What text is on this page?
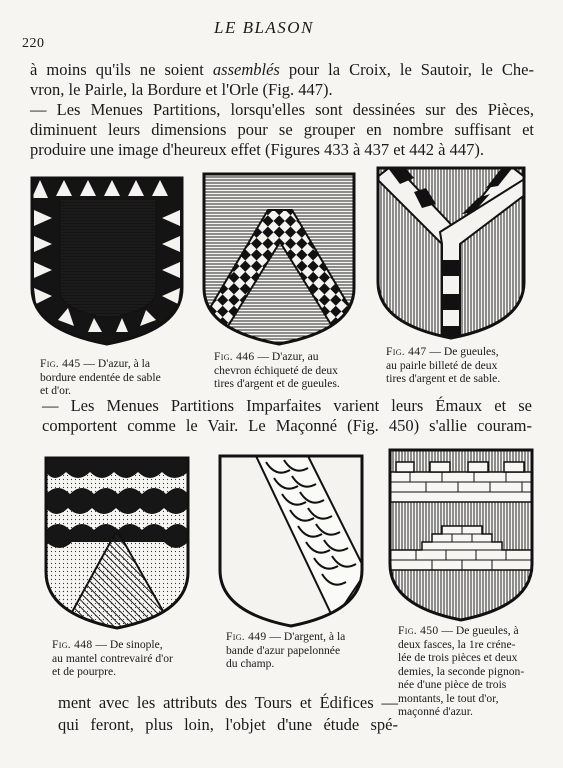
220
LE BLASON

à moins qu'ils ne soient assemblés pour la Croix, le Sautoir, le Che-

vron, le Pairle, la Bordure et l'Orle (Fig. 447).

— Les Menues Partitions, lorsqu'elles sont dessinées sur des Pièces,

diminuent leurs dimensions pour se grouper en nombre suffisant et

produire une image d'heureux effet (Figures 433 à 437 et 442 à 447).

Fig. 445 — D'azur, à la

bordure endentée de sable

et d'or.

Fig. 446 — D'azur, au

chevron échiqueté de deux

tires d'argent et de gueules.

Fig. 447 — De gueules,

au pairle billeté de deux

tires d'argent et de sable.

— Les Menues Partitions Imparfaites varient leurs Émaux et se

comportent comme le Vair. Le Maçonné (Fig. 450) s'allie couram-

Fig. 448 — De sinople,

au mantel contrevairé d'or

et de pourpre.

Fig. 449 — D'argent, à la

bande d'azur papelonnée

du champ.

Fig. 450 — De gueules, à

deux fasces, la 1re créne-

lée de trois pièces et deux

demies, la seconde pignon-

née d'une pièce de trois

montants, le tout d'or,

maçonné d'azur.

ment avec les attributs des Tours et Édifices —

qui feront, plus loin, l'objet d'une étude spé-
